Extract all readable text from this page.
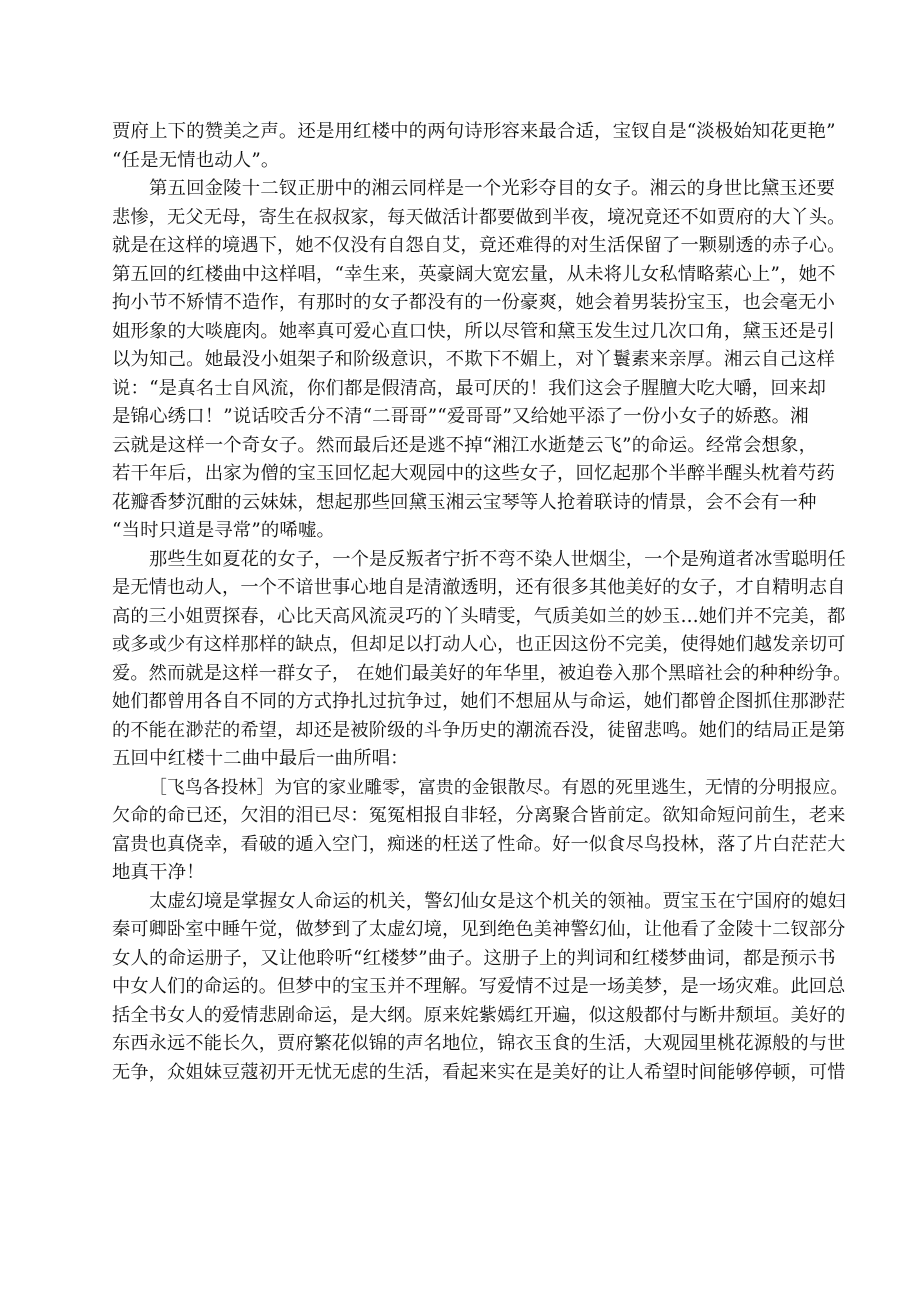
贾府上下的赞美之声。还是用红楼中的两句诗形容来最合适，宝钗自是“淡极始知花更艳”
“任是无情也动人”。
第五回金陵十二钗正册中的湘云同样是一个光彩夺目的女子。湘云的身世比黛玉还要
悲惨，无父无母，寄生在叔叔家，每天做活计都要做到半夜，境况竟还不如贾府的大丫头。
就是在这样的境遇下，她不仅没有自怨自艾，竟还难得的对生活保留了一颗剔透的赤子心。
第五回的红楼曲中这样唱，“幸生来，英豪阔大宽宏量，从未将儿女私情略萦心上”，她不
拘小节不矫情不造作，有那时的女子都没有的一份豪爽，她会着男装扮宝玉，也会毫无小
姐形象的大啖鹿肉。她率真可爱心直口快，所以尽管和黛玉发生过几次口角，黛玉还是引
以为知己。她最没小姐架子和阶级意识，不欺下不媚上，对丫鬟素来亲厚。湘云自己这样
说：“是真名士自风流，你们都是假清高，最可厌的！我们这会子腥膻大吃大嚼，回来却
是锦心绣口！”说话咬舌分不清“二哥哥”“爱哥哥”又给她平添了一份小女子的娇憨。湘
云就是这样一个奇女子。然而最后还是逃不掉“湘江水逝楚云飞”的命运。经常会想象，
若干年后，出家为僧的宝玉回忆起大观园中的这些女子，回忆起那个半醉半醒头枕着芍药
花瓣香梦沉酣的云妹妹，想起那些回黛玉湘云宝琴等人抢着联诗的情景，会不会有一种
“当时只道是寻常”的唏嘘。
那些生如夏花的女子，一个是反叛者宁折不弯不染人世烟尘，一个是殉道者冰雪聪明任
是无情也动人，一个不谙世事心地自是清澈透明，还有很多其他美好的女子，才自精明志自
高的三小姐贾探春，心比天高风流灵巧的丫头晴雯，气质美如兰的妙玉…她们并不完美，都
或多或少有这样那样的缺点，但却足以打动人心，也正因这份不完美，使得她们越发亲切可
爱。然而就是这样一群女子， 在她们最美好的年华里，被迫卷入那个黑暗社会的种种纷争。
她们都曾用各自不同的方式挣扎过抗争过，她们不想屈从与命运，她们都曾企图抓住那渺茫
的不能在渺茫的希望，却还是被阶级的斗争历史的潮流吞没，徒留悲鸣。她们的结局正是第
五回中红楼十二曲中最后一曲所唱：
［飞鸟各投林］为官的家业雕零，富贵的金银散尽。有恩的死里逃生，无情的分明报应。
欠命的命已还，欠泪的泪已尽：冤冤相报自非轻，分离聚合皆前定。欲知命短问前生，老来
富贵也真侥幸，看破的遁入空门，痴迷的枉送了性命。好一似食尽鸟投林，落了片白茫茫大
地真干净！
太虚幻境是掌握女人命运的机关，警幻仙女是这个机关的领袖。贾宝玉在宁国府的媳妇
秦可卿卧室中睡午觉，做梦到了太虚幻境，见到绝色美神警幻仙，让他看了金陵十二钗部分
女人的命运册子，又让他聆听“红楼梦”曲子。这册子上的判词和红楼梦曲词，都是预示书
中女人们的命运的。但梦中的宝玉并不理解。写爱情不过是一场美梦，是一场灾难。此回总
括全书女人的爱情悲剧命运，是大纲。原来姹紫嫣红开遍，似这般都付与断井颓垣。美好的
东西永远不能长久，贾府繁花似锦的声名地位，锦衣玉食的生活，大观园里桃花源般的与世
无争，众姐妹豆蔻初开无忧无虑的生活，看起来实在是美好的让人希望时间能够停顿，可惜
